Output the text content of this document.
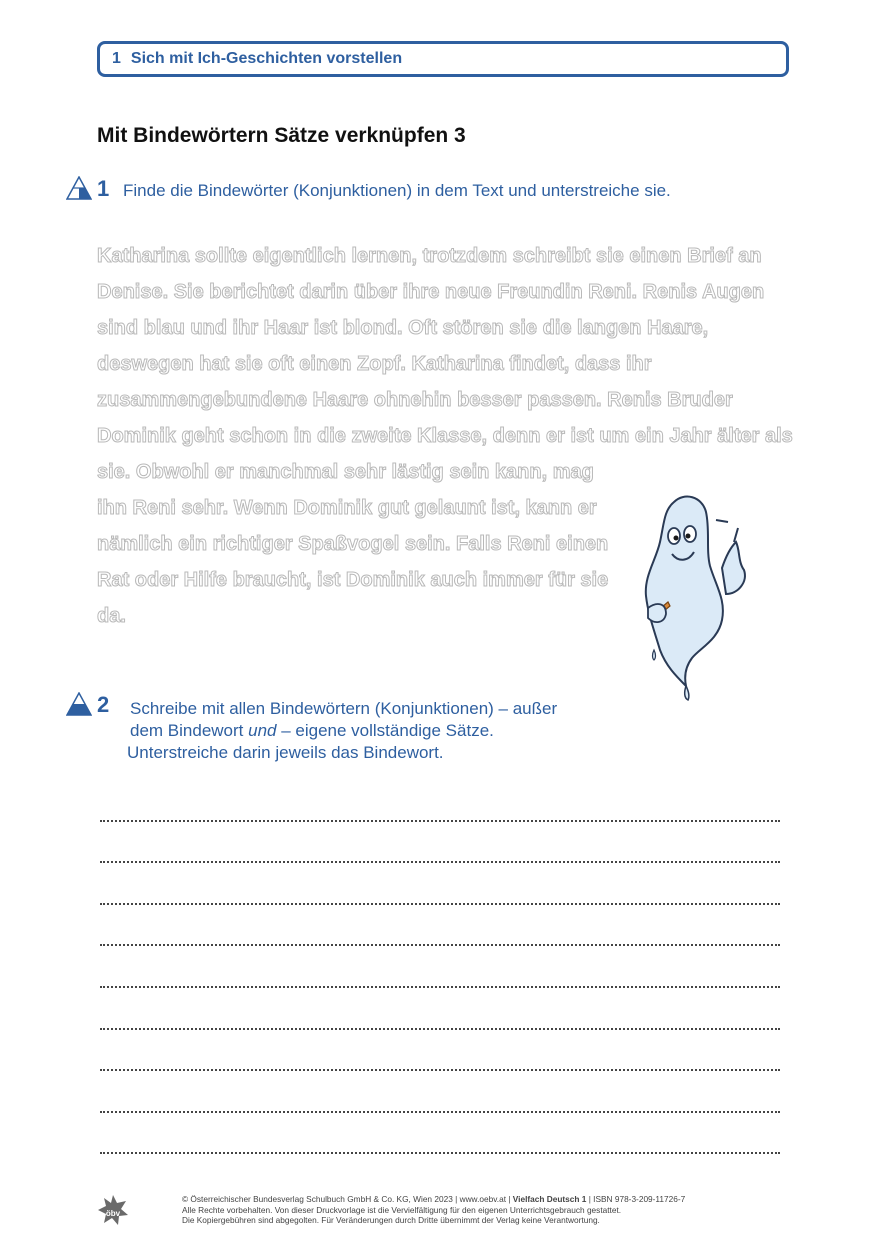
1 Sich mit Ich-Geschichten vorstellen
Mit Bindewörtern Sätze verknüpfen 3
1 Finde die Bindewörter (Konjunktionen) in dem Text und unterstreiche sie.
Katharina sollte eigentlich lernen, trotzdem schreibt sie einen Brief an
Denise. Sie berichtet darin über ihre neue Freundin Reni. Renis Augen
sind blau und ihr Haar ist blond. Oft stören sie die langen Haare,
deswegen hat sie oft einen Zopf. Katharina findet, dass ihr
zusammengebundene Haare ohnehin besser passen. Renis Bruder
Dominik geht schon in die zweite Klasse, denn er ist um ein Jahr älter als
sie. Obwohl er manchmal sehr lästig sein kann, mag
ihn Reni sehr. Wenn Dominik gut gelaunt ist, kann er
nämlich ein richtiger Spaßvogel sein. Falls Reni einen
Rat oder Hilfe braucht, ist Dominik auch immer für sie
da.
2 Schreibe mit allen Bindewörtern (Konjunktionen) – außer
dem Bindewort und – eigene vollständige Sätze.
Unterstreiche darin jeweils das Bindewort.
öbv
© Österreichischer Bundesverlag Schulbuch GmbH & Co. KG, Wien 2023 | www.oebv.at | Vielfach Deutsch 1 | ISBN 978-3-209-11726-7
Alle Rechte vorbehalten. Von dieser Druckvorlage ist die Vervielfältigung für den eigenen Unterrichtsgebrauch gestattet.
Die Kopiergebühren sind abgegolten. Für Veränderungen durch Dritte übernimmt der Verlag keine Verantwortung.
